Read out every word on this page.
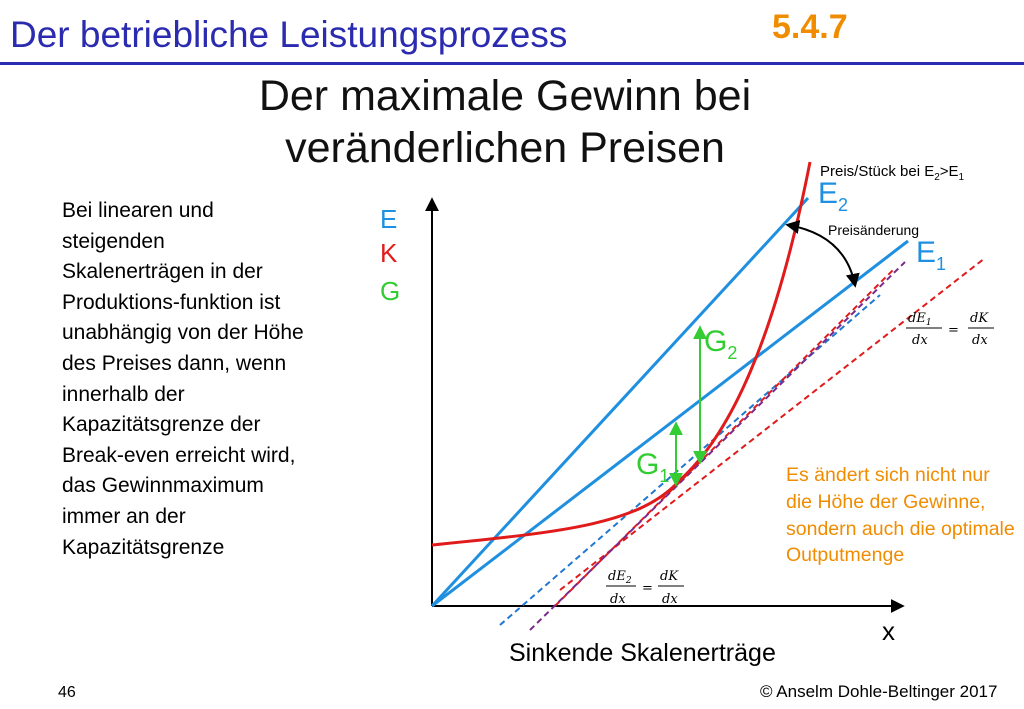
Der betriebliche Leistungsprozess	5.4.7
Der maximale Gewinn bei
veränderlichen Preisen
Bei linearen und steigenden Skalenerträgen in der Produktions-funktion ist unabhängig von der Höhe des Preises dann, wenn innerhalb der Kapazitätsgrenze der Break-even erreicht wird, das Gewinnmaximum immer an der Kapazitätsgrenze
Es ändert sich nicht nur die Höhe der Gewinne, sondern auch die optimale Outputmenge
46	© Anselm Dohle-Beltinger 2017
E
K
G
x
Sinkende Skalenerträge
Preis/Stück bei $E_2>E_1$
Preisänderung
$E_2$
$E_1$
$G_2$
$G_1$
$dE_1$
dx
=
dK
dx
$dE_2$
dx
=
dK
dx
